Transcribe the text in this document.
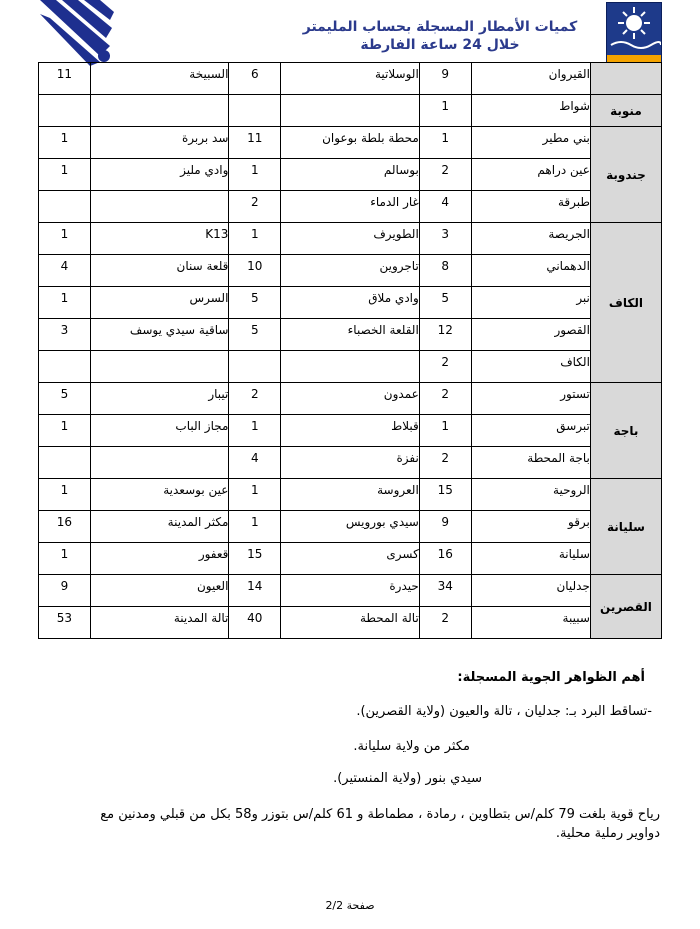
كميات الأمطار المسجلة بحساب المليمتر
خلال 24 ساعة الفارطة

	القيروان	9	الوسلاتية	6	السبيخة	11

منوبة	شواط	1				

جندوبة	بني مطير	1	محطة بلطة بوعوان	11	سد بربرة	1

	عين دراهم	2	بوسالم	1	وادي مليز	1

	طبرقة	4	غار الدماء	2		

الكاف	الجريصة	3	الطويرف	1	K13	1

	الدهماني	8	تاجروين	10	قلعة سنان	4

	نبر	5	وادي ملاق	5	السرس	1

	القصور	12	القلعة الخصباء	5	ساقية سيدي يوسف	3

	الكاف	2				

باجة	تستور	2	عمدون	2	تيبار	5

	تبرسق	1	قبلاط	1	مجاز الباب	1

	باجة المحطة	2	نفزة	4		

سليانة	الروحية	15	العروسة	1	عين بوسعدية	1

	برقو	9	سيدي بورويس	1	مكثر المدينة	16

	سليانة	16	كسرى	15	قعفور	1

القصرين	جدليان	34	حيدرة	14	العيون	9

	سبيبة	2	تالة المحطة	40	تالة المدينة	53
أهم الظواهر الجوية المسجلة:
-تساقط البرد بـ: جدليان ، تالة والعيون (ولاية القصرين).
مكثر من ولاية سليانة.
سيدي بنور (ولاية المنستير).
رياح قوية بلغت 79 كلم/س بتطاوين ، رمادة ، مطماطة و 61 كلم/س بتوزر و58 بكل من قبلي ومدنين مع
دواوير رملية محلية.
صفحة 2/2
